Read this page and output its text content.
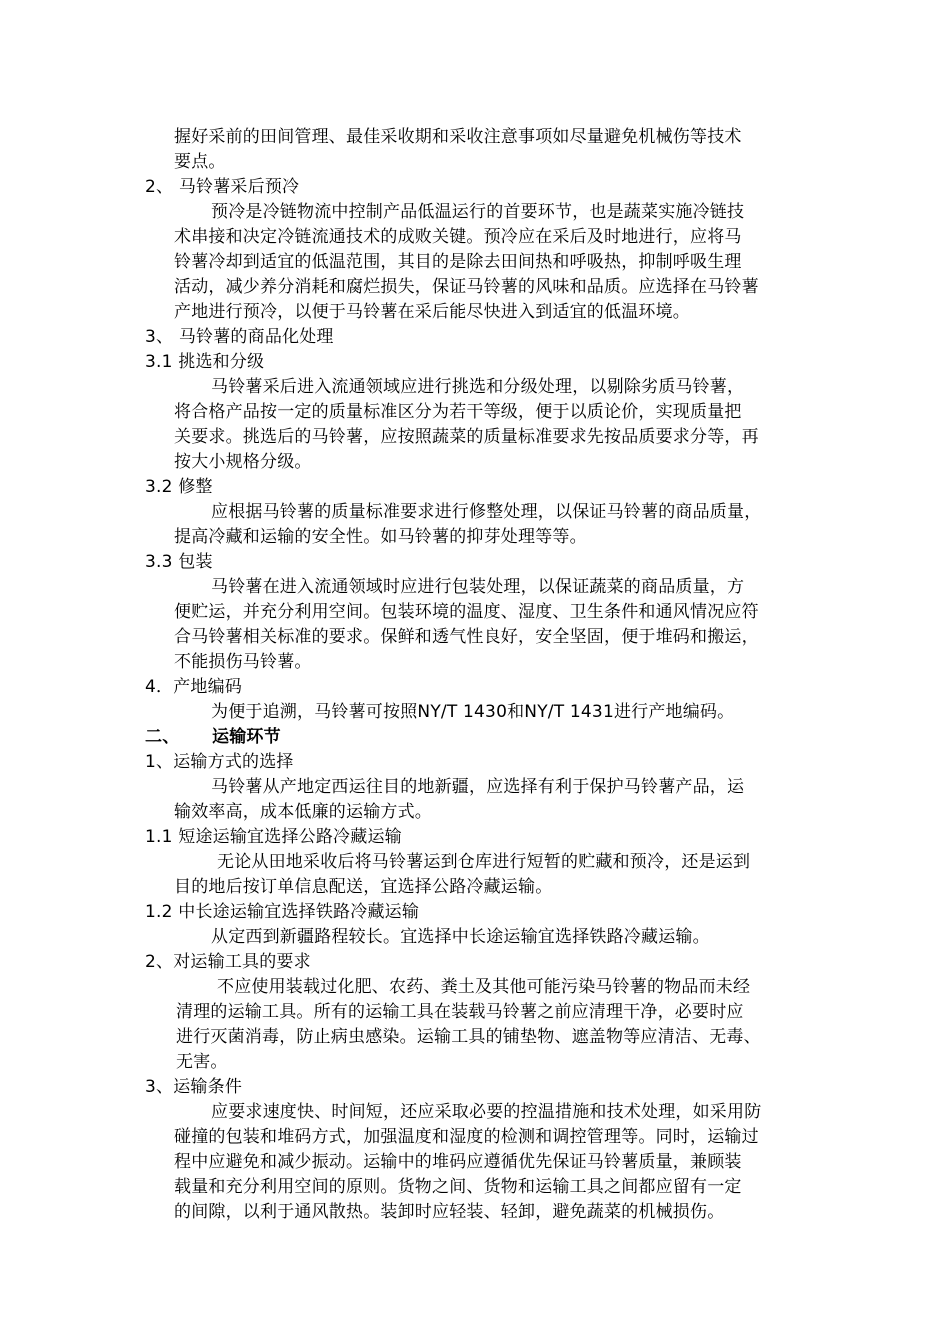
握好采前的田间管理、最佳采收期和采收注意事项如尽量避免机械伤等技术
要点。
2、 马铃薯采后预冷
预冷是冷链物流中控制产品低温运行的首要环节，也是蔬菜实施冷链技
术串接和决定冷链流通技术的成败关键。预冷应在采后及时地进行，应将马
铃薯冷却到适宜的低温范围，其目的是除去田间热和呼吸热，抑制呼吸生理
活动，减少养分消耗和腐烂损失，保证马铃薯的风味和品质。应选择在马铃薯
产地进行预冷，以便于马铃薯在采后能尽快进入到适宜的低温环境。
3、 马铃薯的商品化处理
3.1 挑选和分级
马铃薯采后进入流通领域应进行挑选和分级处理，以剔除劣质马铃薯，
将合格产品按一定的质量标准区分为若干等级，便于以质论价，实现质量把
关要求。挑选后的马铃薯，应按照蔬菜的质量标准要求先按品质要求分等，再
按大小规格分级。
3.2 修整
应根据马铃薯的质量标准要求进行修整处理，以保证马铃薯的商品质量，
提高冷藏和运输的安全性。如马铃薯的抑芽处理等等。
3.3 包装
马铃薯在进入流通领域时应进行包装处理，以保证蔬菜的商品质量，方
便贮运，并充分利用空间。包装环境的温度、湿度、卫生条件和通风情况应符
合马铃薯相关标准的要求。保鲜和透气性良好，安全坚固，便于堆码和搬运，
不能损伤马铃薯。
4．产地编码
为便于追溯，马铃薯可按照NY/T 1430和NY/T 1431进行产地编码。
二、 运输环节
1、运输方式的选择
马铃薯从产地定西运往目的地新疆，应选择有利于保护马铃薯产品，运
输效率高，成本低廉的运输方式。
1.1 短途运输宜选择公路冷藏运输
无论从田地采收后将马铃薯运到仓库进行短暂的贮藏和预冷，还是运到
目的地后按订单信息配送，宜选择公路冷藏运输。
1.2 中长途运输宜选择铁路冷藏运输
从定西到新疆路程较长。宜选择中长途运输宜选择铁路冷藏运输。
2、对运输工具的要求
不应使用装载过化肥、农药、粪土及其他可能污染马铃薯的物品而未经
清理的运输工具。所有的运输工具在装载马铃薯之前应清理干净，必要时应
进行灭菌消毒，防止病虫感染。运输工具的铺垫物、遮盖物等应清洁、无毒、
无害。
3、运输条件
应要求速度快、时间短，还应采取必要的控温措施和技术处理，如采用防
碰撞的包装和堆码方式，加强温度和湿度的检测和调控管理等。同时，运输过
程中应避免和减少振动。运输中的堆码应遵循优先保证马铃薯质量，兼顾装
载量和充分利用空间的原则。货物之间、货物和运输工具之间都应留有一定
的间隙，以利于通风散热。装卸时应轻装、轻卸，避免蔬菜的机械损伤。
